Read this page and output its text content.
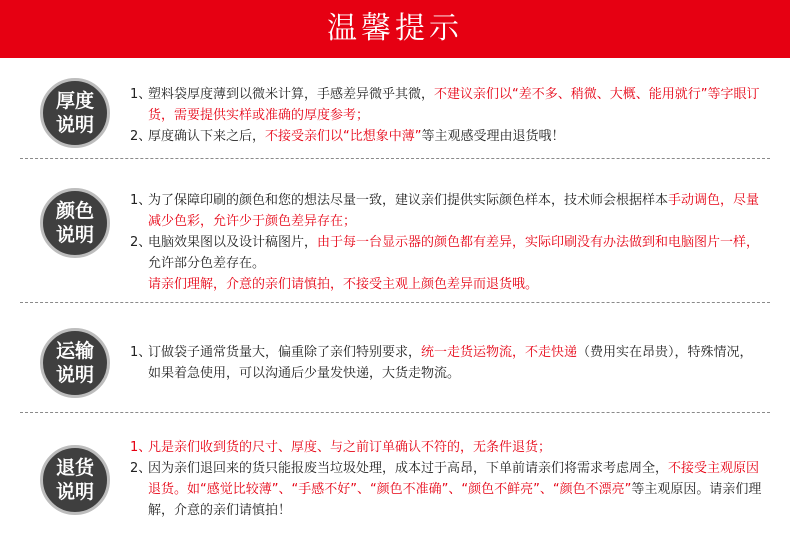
温馨提示
厚度
说明
1、
塑料袋厚度薄到以微米计算，手感差异微乎其微，不建议亲们以“差不多、稍微、大概、能用就行”等字眼订货，需要提供实样或准确的厚度参考；
2、
厚度确认下来之后，不接受亲们以“比想象中薄”等主观感受理由退货哦！
颜色
说明
1、
为了保障印刷的颜色和您的想法尽量一致，建议亲们提供实际颜色样本，技术师会根据样本手动调色，尽量减少色彩，允许少于颜色差异存在；
2、
电脑效果图以及设计稿图片，由于每一台显示器的颜色都有差异，实际印刷没有办法做到和电脑图片一样，允许部分色差存在。
请亲们理解，介意的亲们请慎拍，不接受主观上颜色差异而退货哦。
运输
说明
1、
订做袋子通常货量大，偏重除了亲们特别要求，统一走货运物流，不走快递（费用实在昂贵），特殊情况，如果着急使用，可以沟通后少量发快递，大货走物流。
退货
说明
1、
凡是亲们收到货的尺寸、厚度、与之前订单确认不符的，无条件退货；
2、
因为亲们退回来的货只能报废当垃圾处理，成本过于高昂，下单前请亲们将需求考虑周全，不接受主观原因退货。如“感觉比较薄”、“手感不好”、“颜色不准确”、“颜色不鲜亮”、“颜色不漂亮”等主观原因。请亲们理解，介意的亲们请慎拍！
